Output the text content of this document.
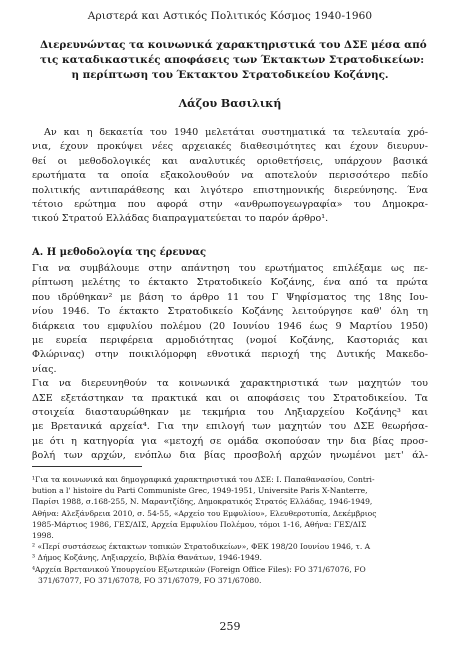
Αριστερά και Αστικός Πολιτικός Κόσμος 1940-1960
Διερευνώντας τα κοινωνικά χαρακτηριστικά του ΔΣΕ μέσα από
τις καταδικαστικές αποφάσεις των Έκτακτων Στρατοδικείων:
η περίπτωση του Έκτακτου Στρατοδικείου Κοζάνης.
Λάζου Βασιλική
Αν και η δεκαετία του 1940 μελετάται συστηματικά τα τελευταία χρό-
νια, έχουν προκύψει νέες αρχειακές διαθεσιμότητες και έχουν διευρυν-
θεί οι μεθοδολογικές και αναλυτικές οριοθετήσεις, υπάρχουν βασικά
ερωτήματα τα οποία εξακολουθούν να αποτελούν περισσότερο πεδίο
πολιτικής αντιπαράθεσης και λιγότερο επιστημονικής διερεύνησης. Ένα
τέτοιο ερώτημα που αφορά στην «ανθρωπογεωγραφία» του Δημοκρα-
τικού Στρατού Ελλάδας διαπραγματεύεται το παρόν άρθρο¹.
Α. Η μεθοδολογία της έρευνας
Για να συμβάλουμε στην απάντηση του ερωτήματος επιλέξαμε ως πε-
ρίπτωση μελέτης το έκτακτο Στρατοδικείο Κοζάνης, ένα από τα πρώτα
που ιδρύθηκαν² με βάση το άρθρο 11 του Γ Ψηφίσματος της 18ης Ιου-
νίου 1946. Το έκτακτο Στρατοδικείο Κοζάνης λειτούργησε καθ' όλη τη
διάρκεια του εμφυλίου πολέμου (20 Ιουνίου 1946 έως 9 Μαρτίου 1950)
με ευρεία περιφέρεια αρμοδιότητας (νομοί Κοζάνης, Καστοριάς και
Φλώρινας) στην ποικιλόμορφη εθνοτικά περιοχή της Δυτικής Μακεδο-
νίας.
Για να διερευνηθούν τα κοινωνικά χαρακτηριστικά των μαχητών του
ΔΣΕ εξετάστηκαν τα πρακτικά και οι αποφάσεις του Στρατοδικείου. Τα
στοιχεία διασταυρώθηκαν με τεκμήρια του Ληξιαρχείου Κοζάνης³ και
με Βρετανικά αρχεία⁴. Για την επιλογή των μαχητών του ΔΣΕ θεωρήσα-
με ότι η κατηγορία για «μετοχή σε ομάδα σκοπούσαν την δια βίας προσ-
βολή των αρχών, ενόπλω δια βίας προσβολή αρχών ηνωμένοι μετ' άλ-
¹Για τα κοινωνικά και δημογραφικά χαρακτηριστικά του ΔΣΕ: Ι. Παπαθανασίου, Contri-
bution a l' histoire du Parti Communiste Grec, 1949-1951, Universite Paris X-Nanterre,
Παρίσι 1988, σ.168-255, Ν. Μαραντζίδης, Δημοκρατικός Στρατός Ελλάδας, 1946-1949,
Αθήνα: Αλεξάνδρεια 2010, σ. 54-55, «Αρχείο του Εμφυλίου», Ελευθεροτυπία, Δεκέμβριος
1985-Μάρτιος 1986, ΓΕΣ/ΔΙΣ, Αρχεία Εμφυλίου Πολέμου, τόμοι 1-16, Αθήνα: ΓΕΣ/ΔΙΣ
1998.
² «Περί συστάσεως έκτακτων τοπικών Στρατοδικείων», ΦΕΚ 198/20 Ιουνίου 1946, τ. Α
³ Δήμος Κοζάνης, Ληξιαρχείο, Βιβλία Θανάτων, 1946-1949.
⁴Αρχεία Βρετανικού Υπουργείου Εξωτερικών (Foreign Office Files): FO 371/67076, FO
371/67077, FO 371/67078, FO 371/67079, FO 371/67080.
259
